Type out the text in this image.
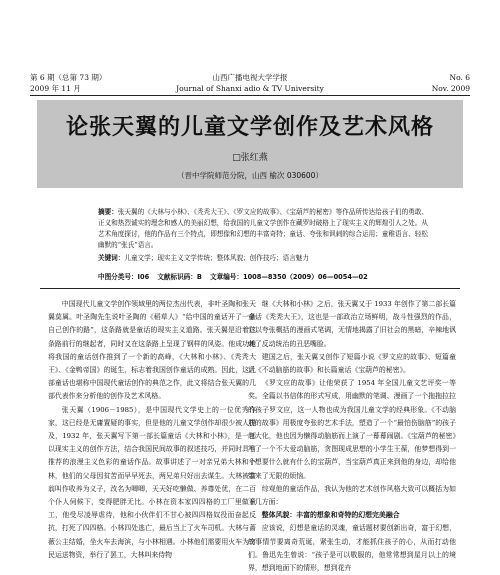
第 6 期（总第 73 期）	山西广播电视大学学报	No. 6
2009 年 11 月	Journal of Shanxi adio & TV University	Nov. 2009
论张天翼的儿童文学创作及艺术风格
□张红燕
（晋中学院师范分院，山西 榆次 030600）
摘要：张天翼的《大林与小林》、《秃秃大王》、《罗文应的故事》、《宝葫芦的秘密》等作品所传达给孩子们的勇敢、正义和热烈诚实的理念和感人的美丽幻想，给我国的儿童文学创作在藏罗时破格上了现实主义的辉煌引人之处。从艺术角度探讨，他的作品有三个特点，即想像和幻想的丰富奇特；童话、夸张和讽刺的综合运用；童稚语言、轻松幽默的“张氏”语言。
关键词：儿童文学；现实主义文学传统；整体风貌；创作技巧；语言魅力
中图分类号：I06 文献标识码：B 文章编号：1008—8350（2009）06—0054—02

中国现代儿童文学创作领域里的两位杰出代表，非叶圣陶和张天翼莫属。叶圣陶先生说叶圣陶的《稻草人》“给中国的童话开了一条自己创作的路”，这条路就是童话的现实主义道路。张天翼是沿着这条路前行的继起者，同时又在这条路上呈现了钢样的风姿。他成功地将我国的童话创作推到了一个新的高峰，《大林和小林》、《秃秃大王》、《金鸭帝国》的诞生，标志着我国创作童话的成熟。因此，这几部童话也堪称中国现代童话创作的典范之作，此文将结合张天翼的几部代表作来分析他的创作及艺术风格。

张天翼（1906－1985），是中国现代文学史上的一位优秀作家，这已经是无庸置疑的事实，但是他的儿童文学创作却很少被人提及，1932 年，张天翼写下第一部长篇童话《大林和小林》，是一部以现实主义的创作方法，结合我国民间故事的叙述技巧，并同时具有推荐的浪漫主义色彩的童话作品。故事讲述了一对亲兄弟大林和小林，他们的父母因贫苦而早早死去，两兄弟只好出去谋生。大林被富翁叫作收养为义子，改名为唧唧，天天好吃懒做、养尊处优，在二百个仆人伺候下，变得肥胖无比。小林在资本家四四格的工厂里做童工，他受尽凌辱虐待，他和小伙伴们不甘心被四四格奴役而奋起反抗，打死了四四格。小林四处逃亡，最后当上了火车司机。大林与蔷薇公主结婚，坐火车去海滨，与小林相遇。小林他们需要用火车为穷民运送物资，举行了罢工，大林叫来侍物

继《大林和小林》之后，张天翼又于 1933 年创作了第二部长篇童话《秃秃大王》，这也是一部政治立场鲜明，战斗性强烈的作品，它以夸张概括的漫画式笔调，无情地揭露了旧社会的黑暗，辛辣地讽刺了反动统治的丑恶嘴脸。

建国之后，张天翼又创作了短篇小说《罗文应的故事》、短篇童话《不动脑筋的故事》和长篇童话《宝葫芦的秘密》。

《罗文应的故事》让他荣获了 1954 年全国儿童文艺评奖一等奖。全篇以书信体的形式写成，用幽默的笔调、漫画了一个拖拖拉拉的孩子罗文应，这一人物也成为我国儿童文学的经典形象。《不动脑筋的故事》用极度夸张的艺术手法，塑造了一个“最怕伤脑筋”的孩子赵大化，他也因为懒得动脑筋而上演了一幕幕闹剧。《宝葫芦的秘密》写了一个不大爱动脑筋，贪图现成思想的小学生王葆，他梦想得到一个想要什么就有什么的宝葫芦，当宝葫芦真正来到他的身边，却给他带来了无限的烦恼。

综观他的童话作品，我认为他的艺术创作风格大致可以概括为如下几方面：

整体风貌：丰富的想象和奇特的幻想完美融合

应该说，幻想是童话的灵魂，童话题材要创新出奇，富于幻想，故事情节要离奇荒诞，紧张生动，才能抓住孩子的心，从而打动他们。鲁迅先生曾说：“孩子是可以敬服的，他常常想到星月以上的境界，想到地面下的情形，想到花卉
